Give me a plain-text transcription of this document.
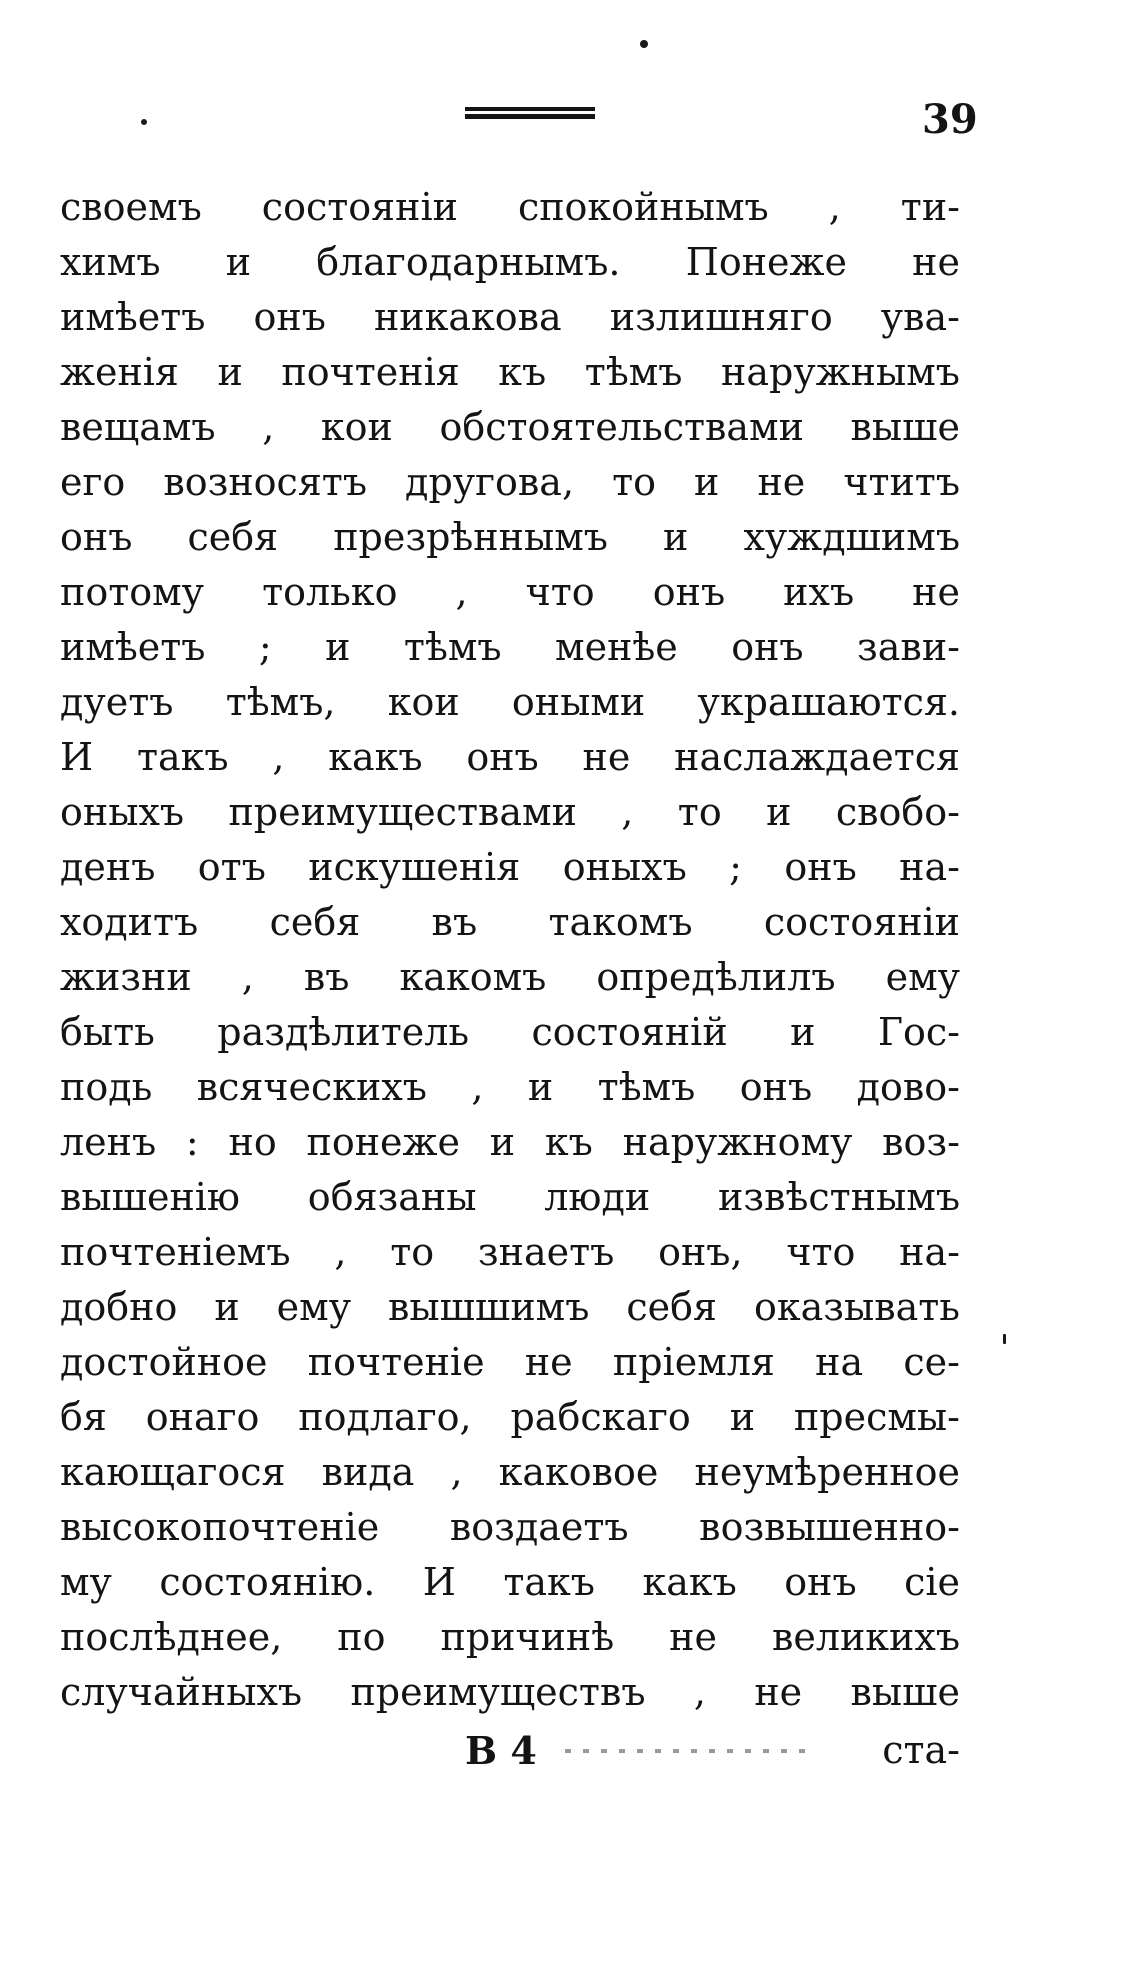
39
своемъ состоянiи спокойнымъ , ти-
химъ и благодарнымъ. Понеже не
имѣетъ онъ никакова излишняго ува-
женiя и почтенiя къ тѣмъ наружнымъ
вещамъ , кои обстоятельствами выше
его возносятъ другова, то и не чтитъ
онъ себя презрѣннымъ и хуждшимъ
потому только , что онъ ихъ не
имѣетъ ; и тѣмъ менѣе онъ зави-
дуетъ тѣмъ, кои оными украшаются.
И такъ , какъ онъ не наслаждается
оныхъ преимуществами , то и свобо-
денъ отъ искушенiя оныхъ ; онъ на-
ходитъ себя въ такомъ состоянiи
жизни , въ какомъ опредѣлилъ ему
быть раздѣлитель состоянiй и Гос-
подь всяческихъ , и тѣмъ онъ дово-
ленъ : но понеже и къ наружному воз-
вышенiю обязаны люди извѣстнымъ
почтенiемъ , то знаетъ онъ, что на-
добно и ему вышшимъ себя оказывать
достойное почтенiе не прiемля на се-
бя онаго подлаго, рабскаго и пресмы-
кающагося вида , каковое неумѣренное
высокопочтенiе воздаетъ возвышенно-
му состоянiю. И такъ какъ онъ сiе
послѣднее, по причинѣ не великихъ
случайныхъ преимуществъ , не выше
B 4	ста-
